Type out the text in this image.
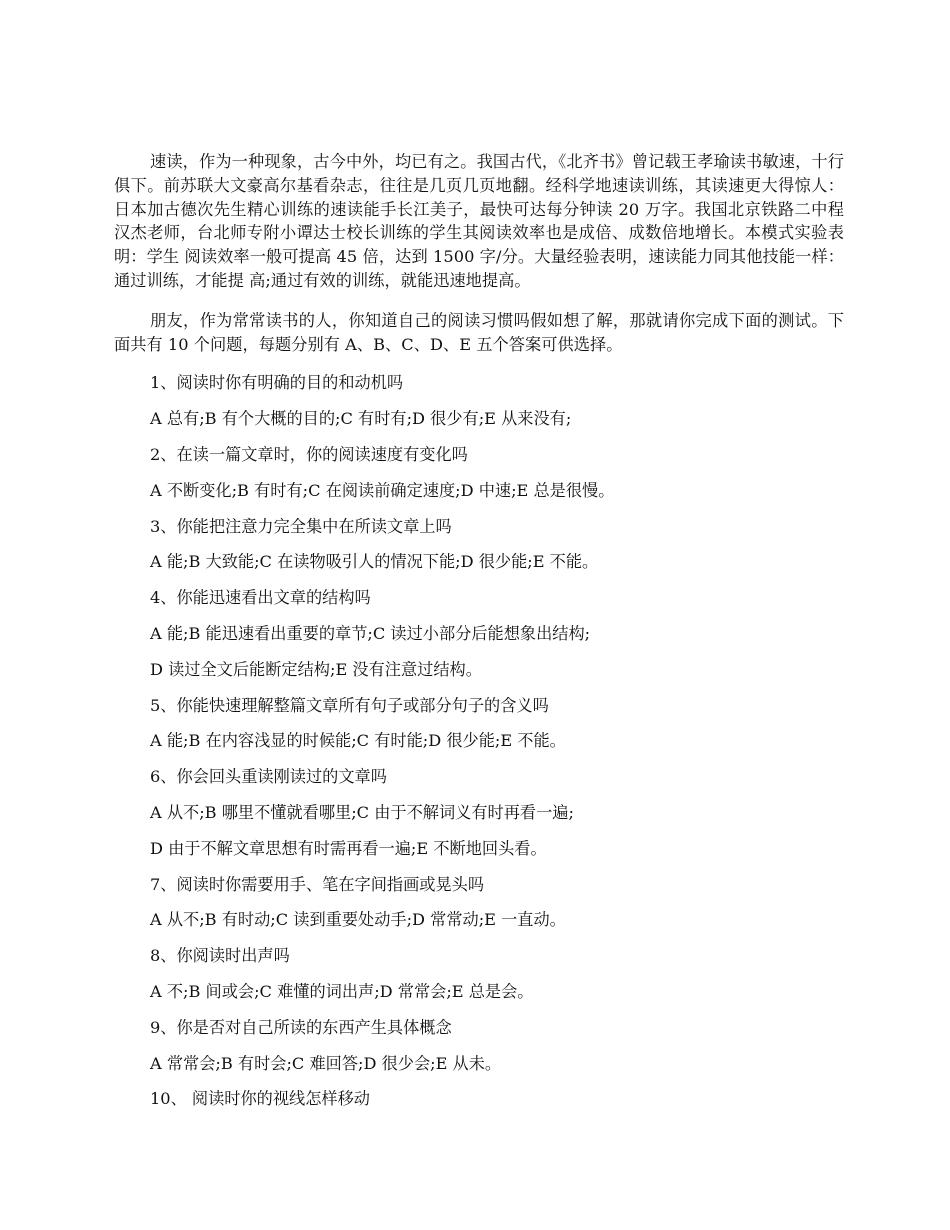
速读，作为一种现象，古今中外，均已有之。我国古代，《北齐书》曾记载王孝瑜读书敏速，十行俱下。前苏联大文豪高尔基看杂志，往往是几页几页地翻。经科学地速读训练，其读速更大得惊人：日本加古德次先生精心训练的速读能手长江美子，最快可达每分钟读 20 万字。我国北京铁路二中程 汉杰老师，台北师专附小谭达士校长训练的学生其阅读效率也是成倍、成数倍地增长。本模式实验表明：学生 阅读效率一般可提高 45 倍，达到 1500 字/分。大量经验表明，速读能力同其他技能一样：通过训练，才能提 高;通过有效的训练，就能迅速地提高。

朋友，作为常常读书的人，你知道自己的阅读习惯吗假如想了解，那就请你完成下面的测试。下面共有 10 个问题，每题分别有 A、B、C、D、E 五个答案可供选择。

1、阅读时你有明确的目的和动机吗

A 总有;B 有个大概的目的;C 有时有;D 很少有;E 从来没有;

2、在读一篇文章时，你的阅读速度有变化吗

A 不断变化;B 有时有;C 在阅读前确定速度;D 中速;E 总是很慢。

3、你能把注意力完全集中在所读文章上吗

A 能;B 大致能;C 在读物吸引人的情况下能;D 很少能;E 不能。

4、你能迅速看出文章的结构吗

A 能;B 能迅速看出重要的章节;C 读过小部分后能想象出结构;

D 读过全文后能断定结构;E 没有注意过结构。

5、你能快速理解整篇文章所有句子或部分句子的含义吗

A 能;B 在内容浅显的时候能;C 有时能;D 很少能;E 不能。

6、你会回头重读刚读过的文章吗

A 从不;B 哪里不懂就看哪里;C 由于不解词义有时再看一遍;

D 由于不解文章思想有时需再看一遍;E 不断地回头看。

7、阅读时你需要用手、笔在字间指画或晃头吗

A 从不;B 有时动;C 读到重要处动手;D 常常动;E 一直动。

8、你阅读时出声吗

A 不;B 间或会;C 难懂的词出声;D 常常会;E 总是会。

9、你是否对自己所读的东西产生具体概念

A 常常会;B 有时会;C 难回答;D 很少会;E 从未。

10、 阅读时你的视线怎样移动
